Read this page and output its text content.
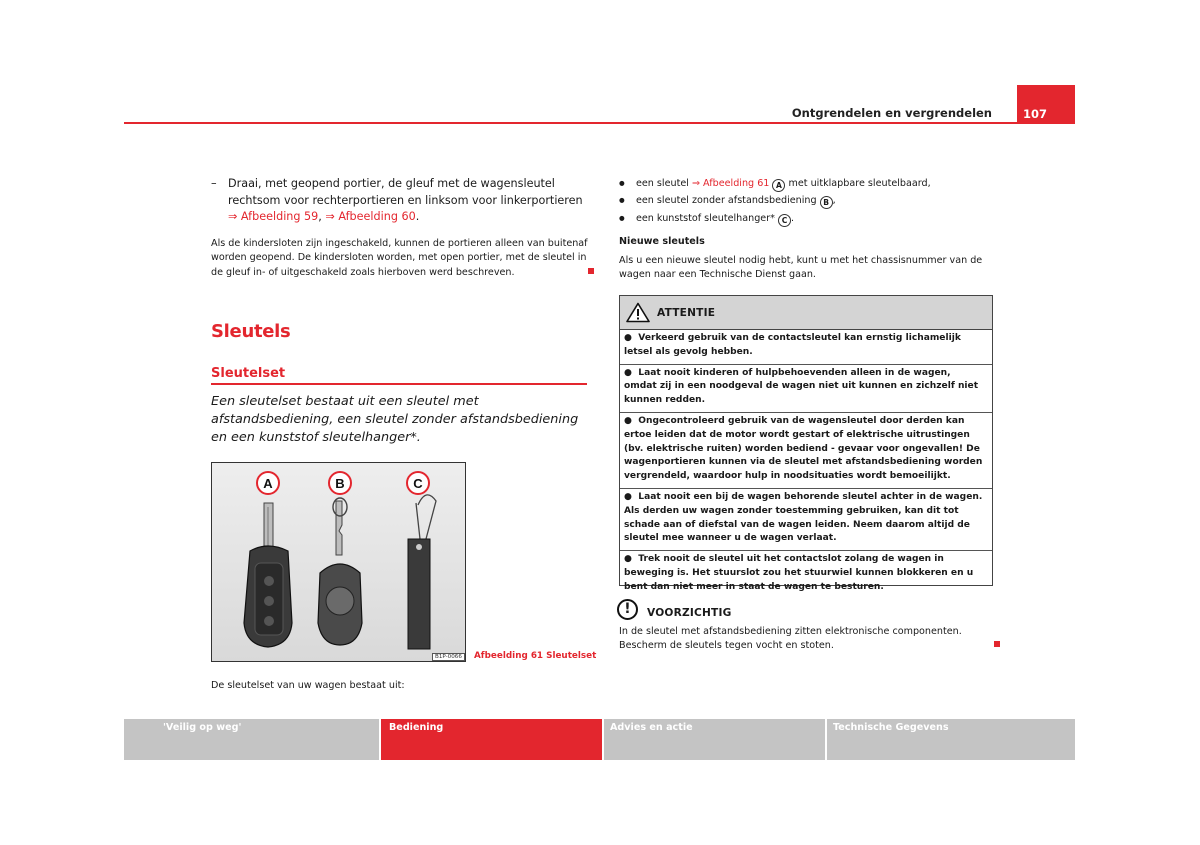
Ontgrendelen en vergrendelen	107
–	Draai, met geopend portier, de gleuf met de wagensleutel rechtsom voor rechterportieren en linksom voor linkerportieren ⇒ Afbeelding 59, ⇒ Afbeelding 60.
Als de kindersloten zijn ingeschakeld, kunnen de portieren alleen van buitenaf worden geopend. De kindersloten worden, met open portier, met de sleutel in de gleuf in- of uitgeschakeld zoals hierboven werd beschreven.
Sleutels
Sleutelset
Een sleutelset bestaat uit een sleutel met afstandsbediening, een sleutel zonder afstandsbediening en een kunststof sleutelhanger*.
A	B	C
B1P-0066	Afbeelding 61 Sleutelset
De sleutelset van uw wagen bestaat uit:
● een sleutel ⇒ Afbeelding 61 A met uitklapbare sleutelbaard,
● een sleutel zonder afstandsbediening B ,
● een kunststof sleutelhanger* C .
Nieuwe sleutels
Als u een nieuwe sleutel nodig hebt, kunt u met het chassisnummer van de wagen naar een Technische Dienst gaan.
ATTENTIE
●  Verkeerd gebruik van de contactsleutel kan ernstig lichamelijk letsel als gevolg hebben.
●  Laat nooit kinderen of hulpbehoevenden alleen in de wagen, omdat zij in een noodgeval de wagen niet uit kunnen en zichzelf niet kunnen redden.
●  Ongecontroleerd gebruik van de wagensleutel door derden kan ertoe leiden dat de motor wordt gestart of elektrische uitrustingen (bv. elektrische ruiten) worden bediend - gevaar voor ongevallen! De wagenportieren kunnen via de sleutel met afstandsbediening worden vergrendeld, waardoor hulp in noodsituaties wordt bemoeilijkt.
●  Laat nooit een bij de wagen behorende sleutel achter in de wagen. Als derden uw wagen zonder toestemming gebruiken, kan dit tot schade aan of diefstal van de wagen leiden. Neem daarom altijd de sleutel mee wanneer u de wagen verlaat.
●  Trek nooit de sleutel uit het contactslot zolang de wagen in beweging is. Het stuurslot zou het stuurwiel kunnen blokkeren en u bent dan niet meer in staat de wagen te besturen.
!	VOORZICHTIG
In de sleutel met afstandsbediening zitten elektronische componenten. Bescherm de sleutels tegen vocht en stoten.
'Veilig op weg'	Bediening	Advies en actie	Technische Gegevens
